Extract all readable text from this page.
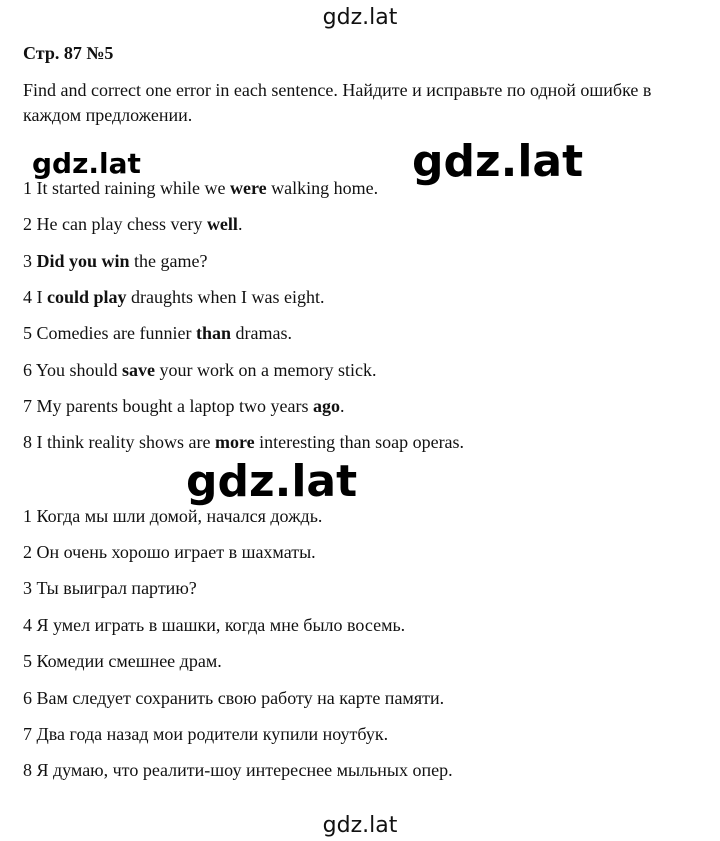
gdz.lat
Стр. 87 №5
Find and correct one error in each sentence. Найдите и исправьте по одной ошибке в каждом предложении.
1 It started raining while we were walking home.
2 He can play chess very well.
3 Did you win the game?
4 I could play draughts when I was eight.
5 Comedies are funnier than dramas.
6 You should save your work on a memory stick.
7 My parents bought a laptop two years ago.
8 I think reality shows are more interesting than soap operas.
1 Когда мы шли домой, начался дождь.
2 Он очень хорошо играет в шахматы.
3 Ты выиграл партию?
4 Я умел играть в шашки, когда мне было восемь.
5 Комедии смешнее драм.
6 Вам следует сохранить свою работу на карте памяти.
7 Два года назад мои родители купили ноутбук.
8 Я думаю, что реалити-шоу интереснее мыльных опер.
gdz.lat	gdz.lat
gdz.lat
gdz.lat
